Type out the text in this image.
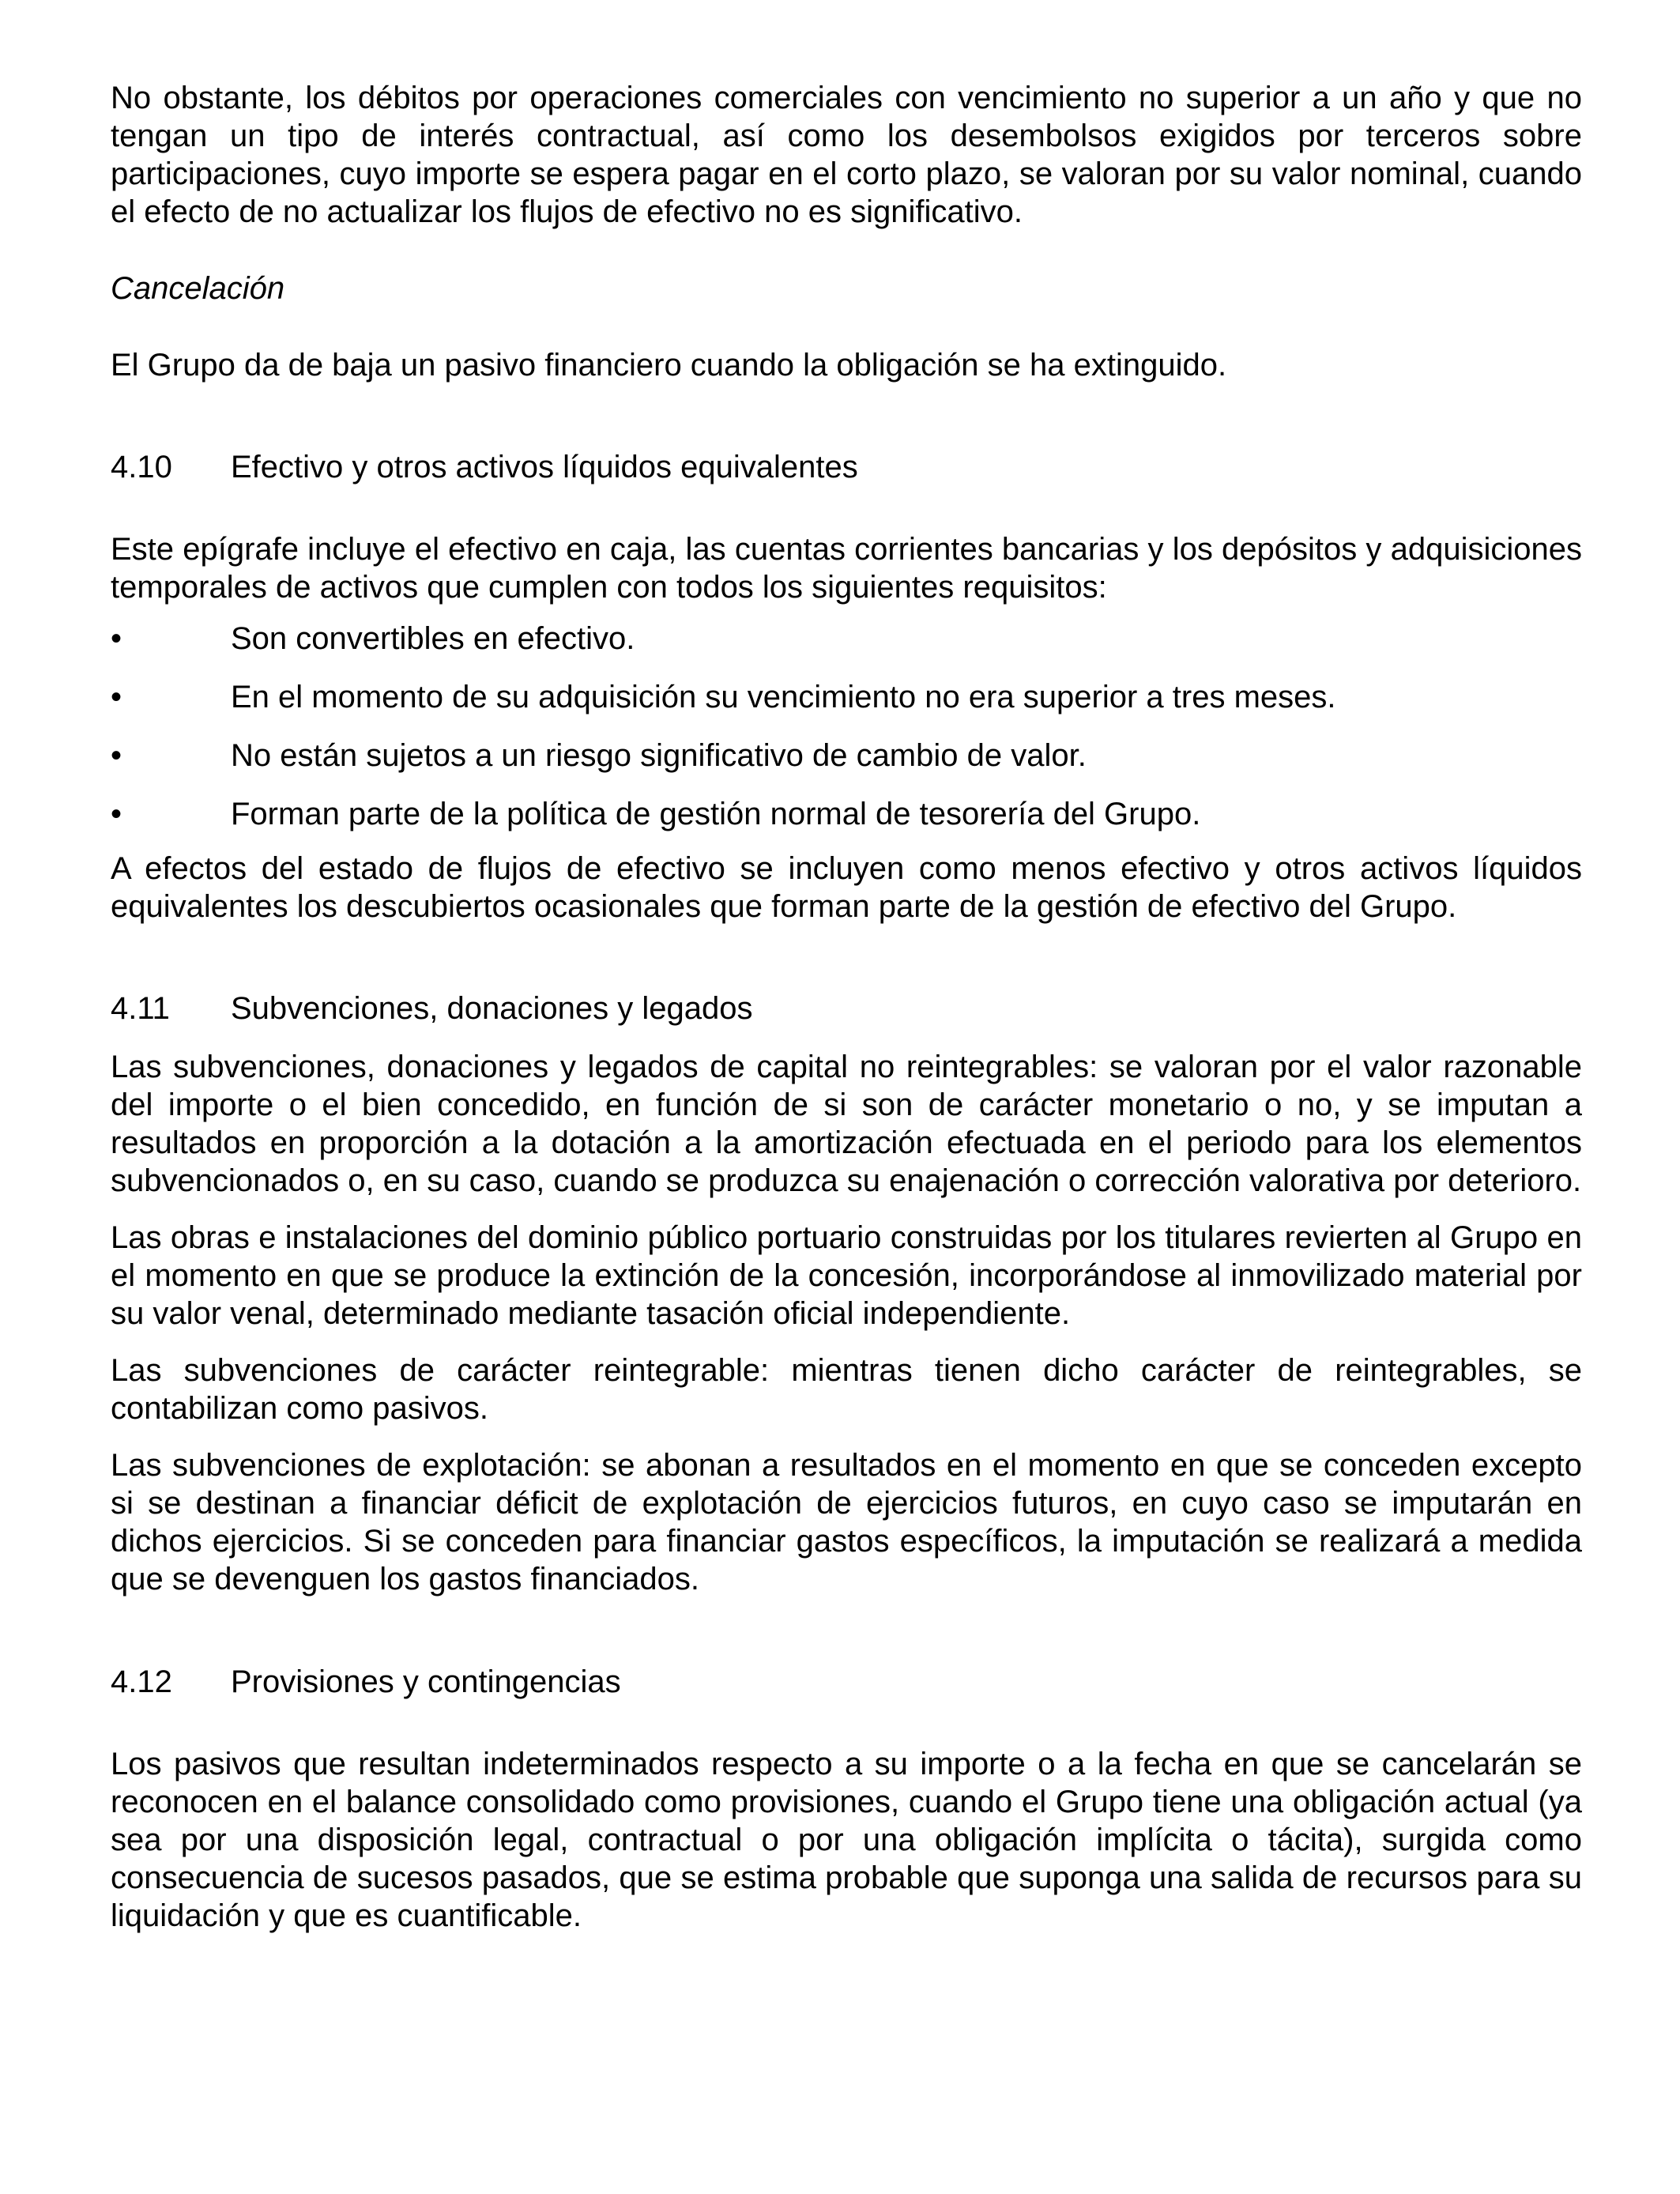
No obstante, los débitos por operaciones comerciales con vencimiento no superior a un año y que no tengan un tipo de interés contractual, así como los desembolsos exigidos por terceros sobre participaciones, cuyo importe se espera pagar en el corto plazo, se valoran por su valor nominal, cuando el efecto de no actualizar los flujos de efectivo no es significativo.

Cancelación

El Grupo da de baja un pasivo financiero cuando la obligación se ha extinguido.

4.10	Efectivo y otros activos líquidos equivalentes

Este epígrafe incluye el efectivo en caja, las cuentas corrientes bancarias y los depósitos y adquisiciones temporales de activos que cumplen con todos los siguientes requisitos:

•	Son convertibles en efectivo.
•	En el momento de su adquisición su vencimiento no era superior a tres meses.
•	No están sujetos a un riesgo significativo de cambio de valor.
•	Forman parte de la política de gestión normal de tesorería del Grupo.

A efectos del estado de flujos de efectivo se incluyen como menos efectivo y otros activos líquidos equivalentes los descubiertos ocasionales que forman parte de la gestión de efectivo del Grupo.

4.11	Subvenciones, donaciones y legados

Las subvenciones, donaciones y legados de capital no reintegrables: se valoran por el valor razonable del importe o el bien concedido, en función de si son de carácter monetario o no, y se imputan a resultados en proporción a la dotación a la amortización efectuada en el periodo para los elementos subvencionados o, en su caso, cuando se produzca su enajenación o corrección valorativa por deterioro.

Las obras e instalaciones del dominio público portuario construidas por los titulares revierten al Grupo en el momento en que se produce la extinción de la concesión, incorporándose al inmovilizado material por su valor venal, determinado mediante tasación oficial independiente.

Las subvenciones de carácter reintegrable: mientras tienen dicho carácter de reintegrables, se contabilizan como pasivos.

Las subvenciones de explotación: se abonan a resultados en el momento en que se conceden excepto si se destinan a financiar déficit de explotación de ejercicios futuros, en cuyo caso se imputarán en dichos ejercicios. Si se conceden para financiar gastos específicos, la imputación se realizará a medida que se devenguen los gastos financiados.

4.12	Provisiones y contingencias

Los pasivos que resultan indeterminados respecto a su importe o a la fecha en que se cancelarán se reconocen en el balance consolidado como provisiones, cuando el Grupo tiene una obligación actual (ya sea por una disposición legal, contractual o por una obligación implícita o tácita), surgida como consecuencia de sucesos pasados, que se estima probable que suponga una salida de recursos para su liquidación y que es cuantificable.
